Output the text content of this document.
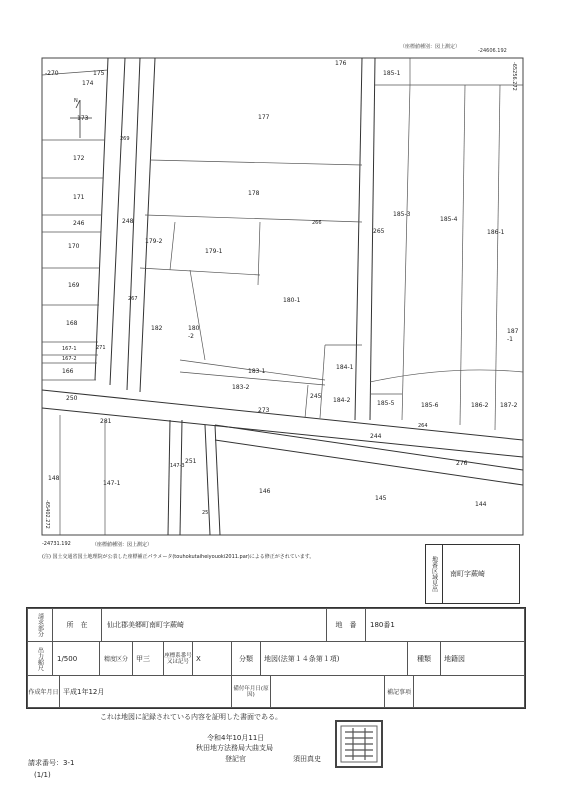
-24606.192
（座標値種別：図上測定）
-270	175
174
173
172
171
246	248
170
169
168
167-1
167-2
166
250
281
148
147-1
176
185-1
177
178
179-2
179-1
180-1
182	180
-2
183-1
183-2
184-1
184-2
245
185-5	185-6	186-2 187-2
187
-1
185-3
185-4
186-1
265
244
276
251
146
145
144
273
269
267
271
147-3
266
264
25
N
-65256.272
-65402.272
-24731.192	（座標値種別：図上測定）
(注) 国土交通省国土地理院が公表した座標補正パラメータ(touhokutaiheiyouoki2011.par)による修正がされています。	地番区域見出 南町字蕨崎
請求部分	所　在	仙北郡美郷町南町字蕨崎	地　番	180番1
出力縮尺	1/500	精度区分	甲三	座標系番号又は記号	X	分類	地図(法第１４条第１項)	種類	地籍図
作成年月日 平成1年12月	備付年月日(原因)	補記事項
これは地図に記録されている内容を証明した書面である。
令和4年10月11日
秋田地方法務局大曲支局
登記官	須田真史
請求番号：3-1
(1/1)
